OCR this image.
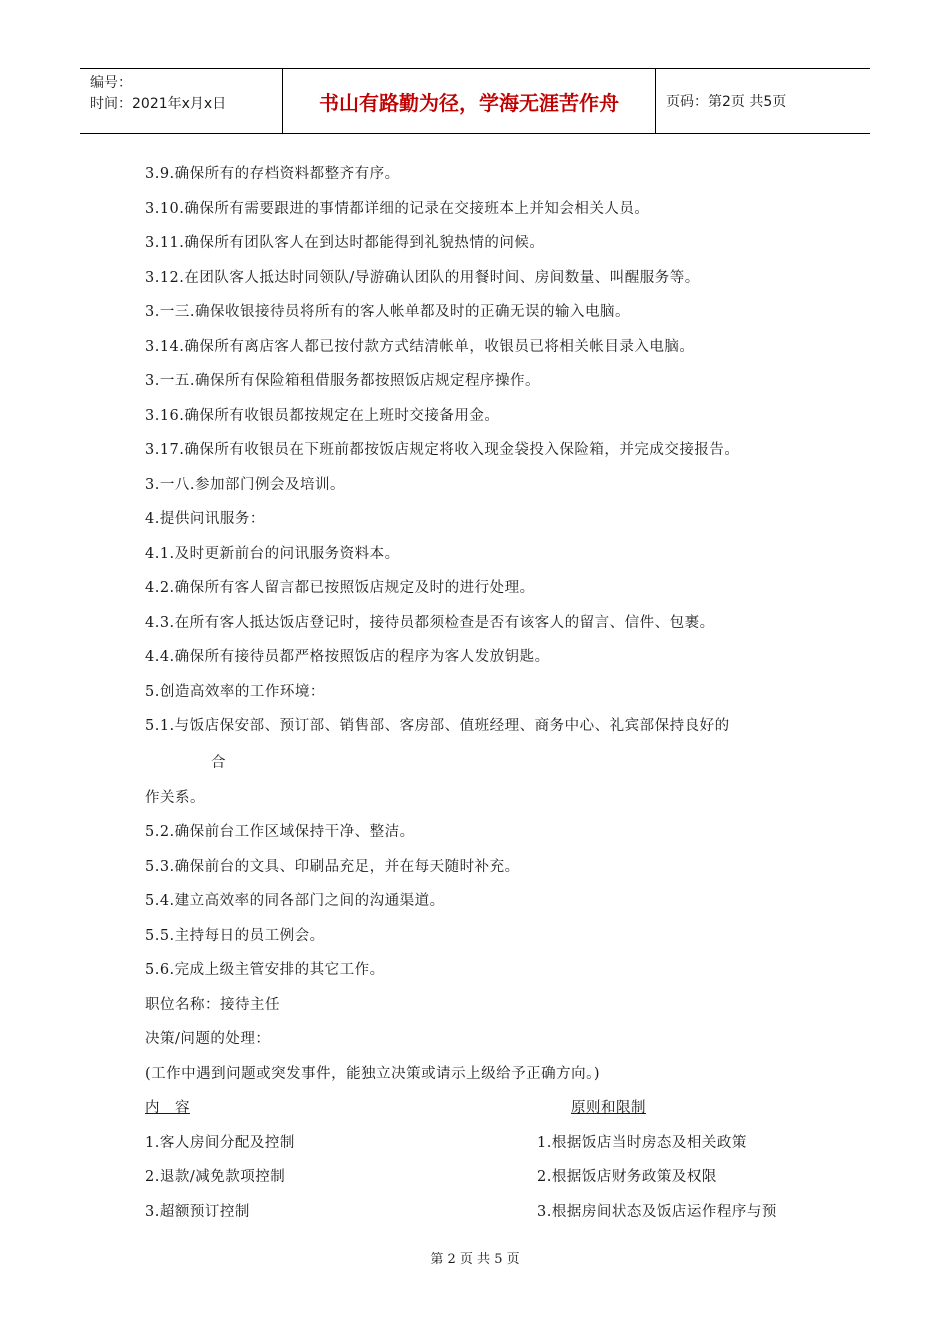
编号：
时间：2021年x月x日	书山有路勤为径，学海无涯苦作舟	页码：第2页 共5页
3.9.确保所有的存档资料都整齐有序。
3.10.确保所有需要跟进的事情都详细的记录在交接班本上并知会相关人员。
3.11.确保所有团队客人在到达时都能得到礼貌热情的问候。
3.12.在团队客人抵达时同领队/导游确认团队的用餐时间、房间数量、叫醒服务等。
3.一三.确保收银接待员将所有的客人帐单都及时的正确无误的输入电脑。
3.14.确保所有离店客人都已按付款方式结清帐单，收银员已将相关帐目录入电脑。
3.一五.确保所有保险箱租借服务都按照饭店规定程序操作。
3.16.确保所有收银员都按规定在上班时交接备用金。
3.17.确保所有收银员在下班前都按饭店规定将收入现金袋投入保险箱，并完成交接报告。
3.一八.参加部门例会及培训。
4.提供问讯服务：
4.1.及时更新前台的问讯服务资料本。
4.2.确保所有客人留言都已按照饭店规定及时的进行处理。
4.3.在所有客人抵达饭店登记时，接待员都须检查是否有该客人的留言、信件、包裹。
4.4.确保所有接待员都严格按照饭店的程序为客人发放钥匙。
5.创造高效率的工作环境：
5.1.与饭店保安部、预订部、销售部、客房部、值班经理、商务中心、礼宾部保持良好的
合
作关系。
5.2.确保前台工作区域保持干净、整洁。
5.3.确保前台的文具、印刷品充足，并在每天随时补充。
5.4.建立高效率的同各部门之间的沟通渠道。
5.5.主持每日的员工例会。
5.6.完成上级主管安排的其它工作。
职位名称：接待主任
决策/问题的处理：
(工作中遇到问题或突发事件，能独立决策或请示上级给予正确方向。)
内　容	原则和限制
1.客人房间分配及控制	1.根据饭店当时房态及相关政策
2.退款/减免款项控制	2.根据饭店财务政策及权限
3.超额预订控制	3.根据房间状态及饭店运作程序与预
第 2 页 共 5 页
